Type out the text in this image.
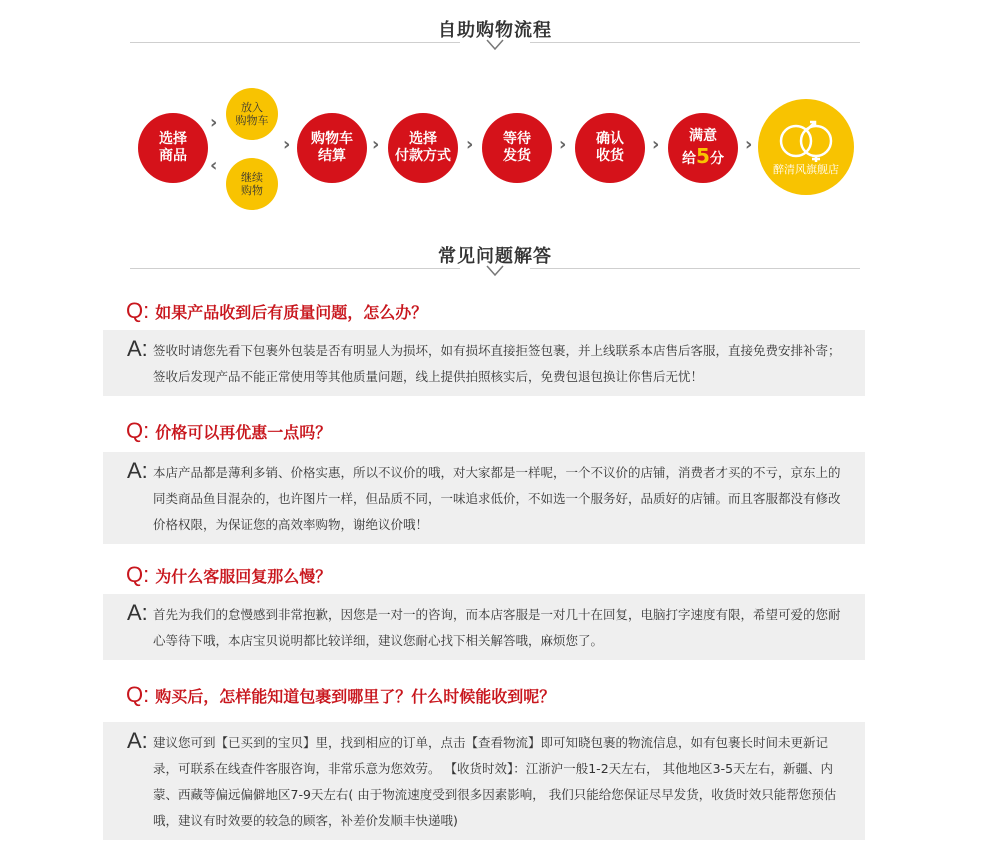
自助购物流程
选择
商品
›
‹
放入
购物车
继续
购物
›	购物车
结算
›	选择
付款方式
›	等待
发货
›	确认
收货
› 满意
给5分
›
醉清风旗舰店
常见问题解答
Q: 如果产品收到后有质量问题，怎么办？
A: 签收时请您先看下包裹外包装是否有明显人为损坏，如有损坏直接拒签包裹，并上线联系本店售后客服，直接免费安排补寄；签收后发现产品不能正常使用等其他质量问题，线上提供拍照核实后，免费包退包换让你售后无忧！
Q: 价格可以再优惠一点吗？
A: 本店产品都是薄利多销、价格实惠，所以不议价的哦，对大家都是一样呢，一个不议价的店铺，消费者才买的不亏，京东上的同类商品鱼目混杂的，也许图片一样，但品质不同，一味追求低价，不如选一个服务好，品质好的店铺。而且客服都没有修改价格权限，为保证您的高效率购物，谢绝议价哦！
Q: 为什么客服回复那么慢？
A: 首先为我们的怠慢感到非常抱歉，因您是一对一的咨询，而本店客服是一对几十在回复，电脑打字速度有限，希望可爱的您耐心等待下哦，本店宝贝说明都比较详细，建议您耐心找下相关解答哦，麻烦您了。
Q: 购买后，怎样能知道包裹到哪里了？什么时候能收到呢？
A: 建议您可到【已买到的宝贝】里，找到相应的订单，点击【查看物流】即可知晓包裹的物流信息，如有包裹长时间未更新记录，可联系在线查件客服咨询，非常乐意为您效劳。 【收货时效】：江浙沪一般1-2天左右， 其他地区3-5天左右，新疆、内蒙、西藏等偏远偏僻地区7-9天左右( 由于物流速度受到很多因素影响， 我们只能给您保证尽早发货，收货时效只能帮您预估哦，建议有时效要的较急的顾客，补差价发顺丰快递哦)
